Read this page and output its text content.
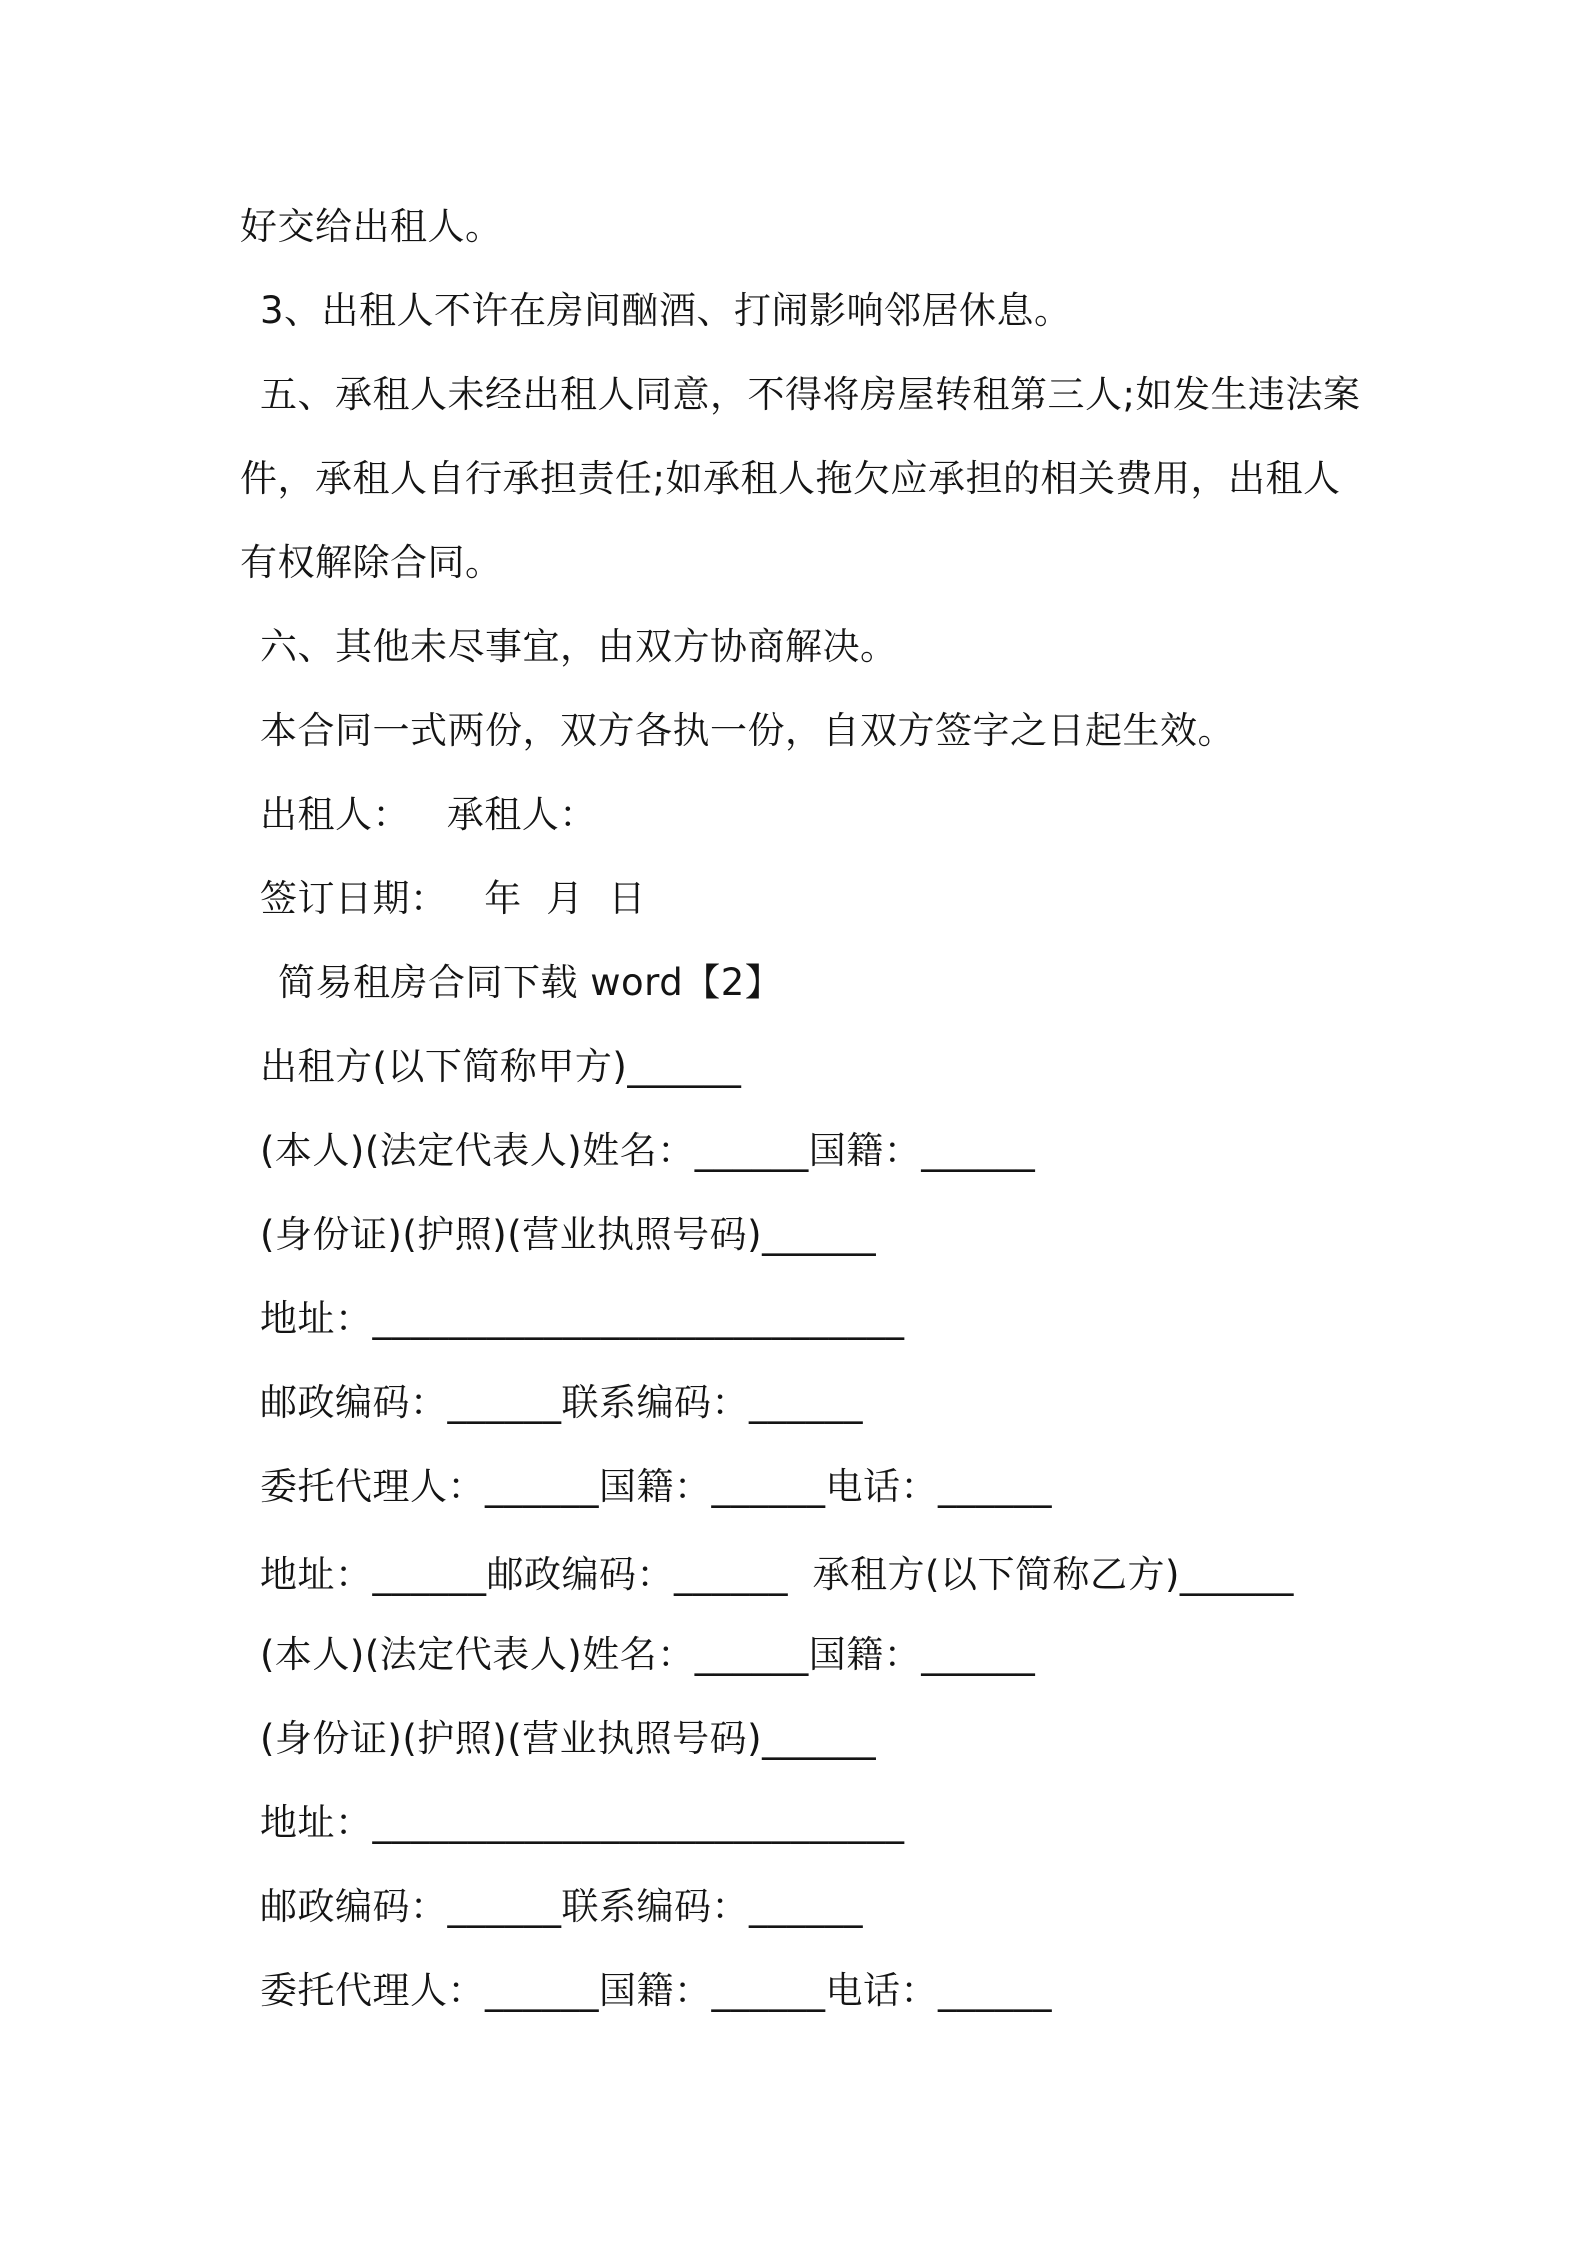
好交给出租人。
3、出租人不许在房间酗酒、打闹影响邻居休息。
五、承租人未经出租人同意，不得将房屋转租第三人;如发生违法案
件，承租人自行承担责任;如承租人拖欠应承担的相关费用，出租人
有权解除合同。
六、其他未尽事宜，由双方协商解决。
本合同一式两份，双方各执一份，自双方签字之日起生效。
出租人：   承租人：
签订日期：   年  月  日
简易租房合同下载 word【2】
出租方(以下简称甲方)______
(本人)(法定代表人)姓名：______国籍：______
(身份证)(护照)(营业执照号码)______
地址：____________________________
邮政编码：______联系编码：______
委托代理人：______国籍：______电话：______
地址：______邮政编码：______  承租方(以下简称乙方)______
(本人)(法定代表人)姓名：______国籍：______
(身份证)(护照)(营业执照号码)______
地址：____________________________
邮政编码：______联系编码：______
委托代理人：______国籍：______电话：______
